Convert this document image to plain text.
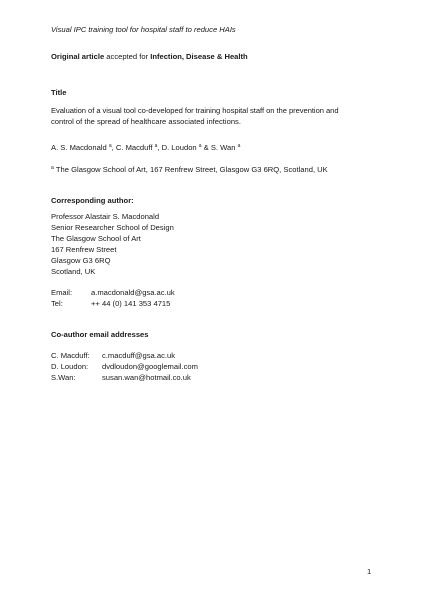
Visual IPC training tool for hospital staff to reduce HAIs
Original article accepted for Infection, Disease & Health
Title
Evaluation of a visual tool co-developed for training hospital staff on the prevention and
control of the spread of healthcare associated infections.
A. S. Macdonald $^a$, C. Macduff $^a$, D. Loudon $^a$ & S. Wan $^a$
$^a$ The Glasgow School of Art, 167 Renfrew Street, Glasgow G3 6RQ, Scotland, UK
Corresponding author:
Professor Alastair S. Macdonald
Senior Researcher School of Design
The Glasgow School of Art
167 Renfrew Street
Glasgow G3 6RQ
Scotland, UK
Email: a.macdonald@gsa.ac.uk
Tel:	++ 44 (0) 141 353 4715
Co-author email addresses
C. Macduff: c.macduff@gsa.ac.uk
D. Loudon: dvdloudon@googlemail.com
S.Wan:	susan.wan@hotmail.co.uk
1
